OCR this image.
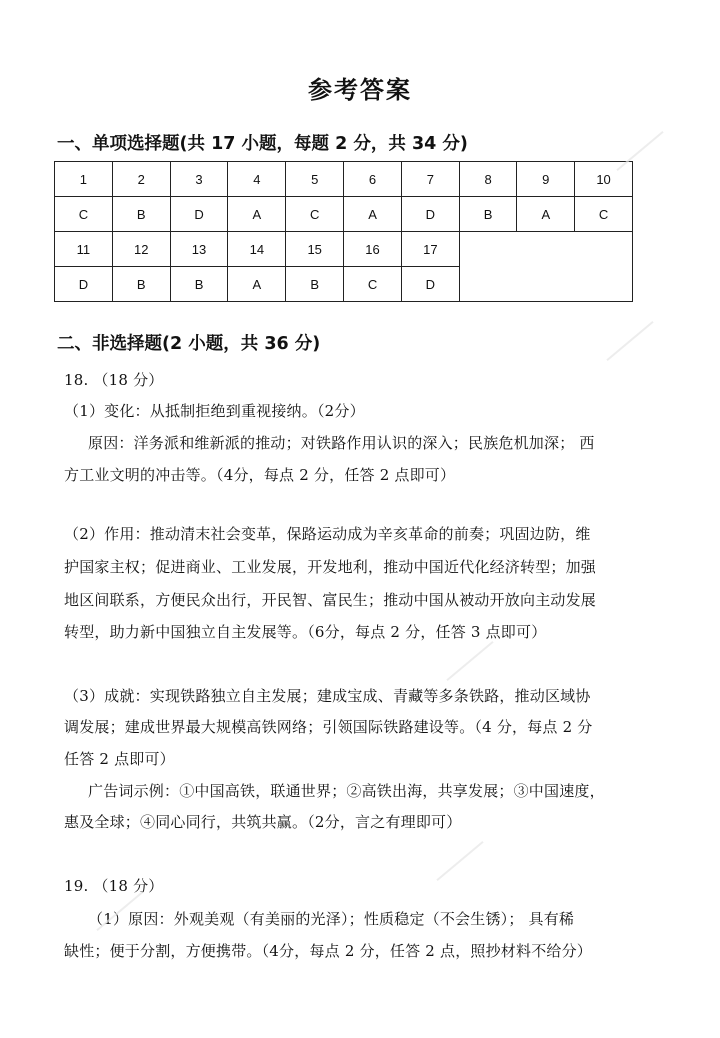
参考答案
一、单项选择题(共 17 小题，每题 2 分，共 34 分)
1	2	3	4	5	6	7	8	9	10
C	B	D	A	C	A	D	B	A	C
11	12	13	14	15	16	17			
D	B	B	A	B	C	D			
二、非选择题(2 小题，共 36 分)
18. （18 分）
（1）变化：从抵制拒绝到重视接纳。（2分）
原因：洋务派和维新派的推动；对铁路作用认识的深入；民族危机加深； 西
方工业文明的冲击等。（4分，每点 2 分，任答 2 点即可）
（2）作用：推动清末社会变革，保路运动成为辛亥革命的前奏；巩固边防，维
护国家主权；促进商业、工业发展，开发地利，推动中国近代化经济转型；加强
地区间联系，方便民众出行，开民智、富民生；推动中国从被动开放向主动发展
转型，助力新中国独立自主发展等。（6分，每点 2 分，任答 3 点即可）
（3）成就：实现铁路独立自主发展；建成宝成、青藏等多条铁路，推动区域协
调发展；建成世界最大规模高铁网络；引领国际铁路建设等。（4 分，每点 2 分
任答 2 点即可）
广告词示例：①中国高铁，联通世界；②高铁出海，共享发展；③中国速度，
惠及全球；④同心同行，共筑共赢。（2分，言之有理即可）
19. （18 分）
（1）原因：外观美观（有美丽的光泽）；性质稳定（不会生锈）； 具有稀
缺性；便于分割，方便携带。（4分，每点 2 分，任答 2 点，照抄材料不给分）
